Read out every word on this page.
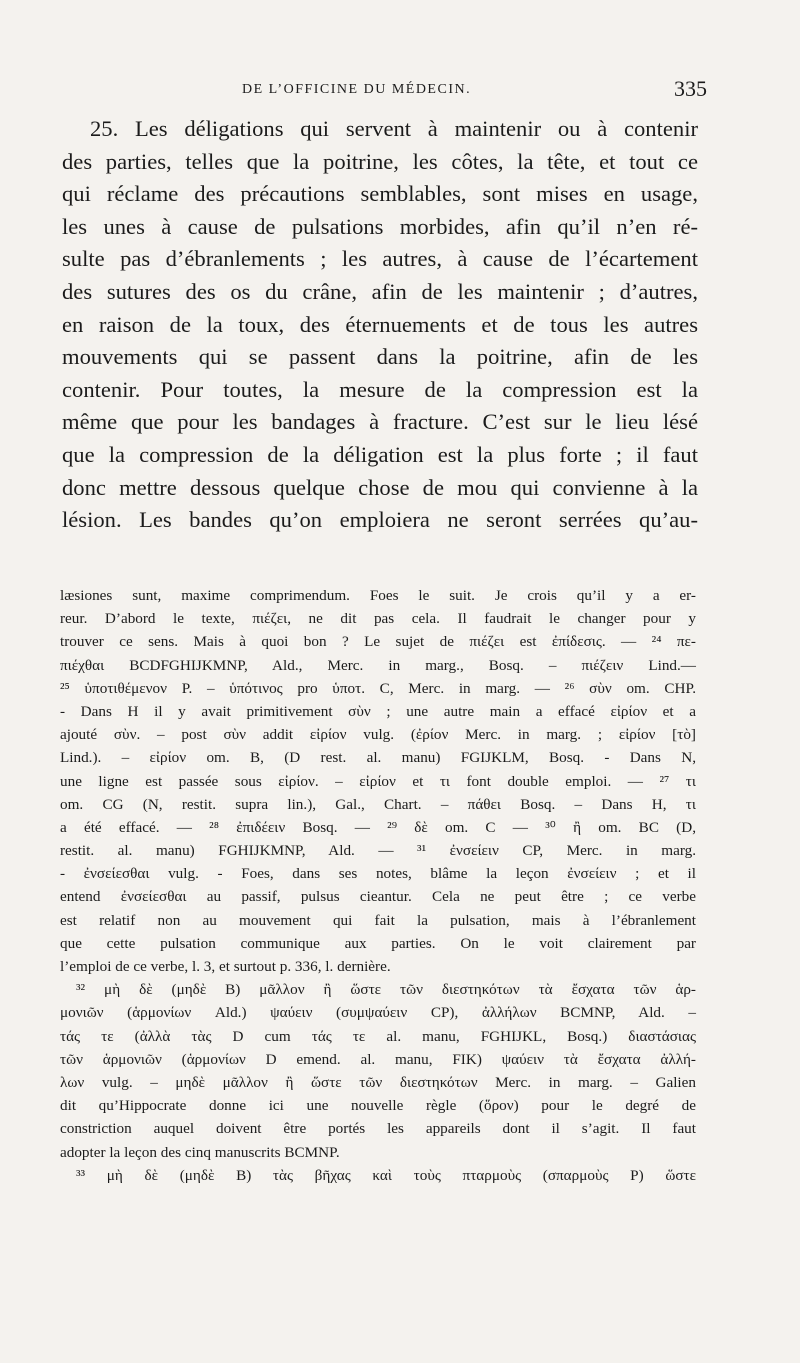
DE L’OFFICINE DU MÉDECIN.	335
25. Les déligations qui servent à maintenir ou à contenir
des parties, telles que la poitrine, les côtes, la tête, et tout ce
qui réclame des précautions semblables, sont mises en usage,
les unes à cause de pulsations morbides, afin qu’il n’en ré-
sulte pas d’ébranlements ; les autres, à cause de l’écartement
des sutures des os du crâne, afin de les maintenir ; d’autres,
en raison de la toux, des éternuements et de tous les autres
mouvements qui se passent dans la poitrine, afin de les
contenir. Pour toutes, la mesure de la compression est la
même que pour les bandages à fracture. C’est sur le lieu lésé
que la compression de la déligation est la plus forte ; il faut
donc mettre dessous quelque chose de mou qui convienne à la
lésion. Les bandes qu’on emploiera ne seront serrées qu’au-
læsiones sunt, maxime comprimendum. Foes le suit. Je crois qu’il y a er-
reur. D’abord le texte, πιέζει, ne dit pas cela. Il faudrait le changer pour y
trouver ce sens. Mais à quoi bon ? Le sujet de πιέζει est ἐπίδεσις. — ²⁴ πε-
πιέχθαι BCDFGHIJKMNP, Ald., Merc. in marg., Bosq. – πιέζειν Lind.—
²⁵ ὑποτιθέμενον P. – ὑπότινος pro ὑποτ. C, Merc. in marg. — ²⁶ σὺν om. CHP.
- Dans H il y avait primitivement σὺν ; une autre main a effacé εἰρίον et a
ajouté σὺν. – post σὺν addit εἰρίον vulg. (ἐρίον Merc. in marg. ; εἰρίον [τὸ]
Lind.). – εἰρίον om. B, (D rest. al. manu) FGIJKLM, Bosq. - Dans N,
une ligne est passée sous εἰρίον. – εἰρίον et τι font double emploi. — ²⁷ τι
om. CG (N, restit. supra lin.), Gal., Chart. – πάθει Bosq. – Dans H, τι
a été effacé. — ²⁸ ἐπιδέειν Bosq. — ²⁹ δὲ om. C — ³⁰ ἢ om. BC (D,
restit. al. manu) FGHIJKMNP, Ald. — ³¹ ἐνσείειν CP, Merc. in marg.
- ἐνσείεσθαι vulg. - Foes, dans ses notes, blâme la leçon ἐνσείειν ; et il
entend ἐνσείεσθαι au passif, pulsus cieantur. Cela ne peut être ; ce verbe
est relatif non au mouvement qui fait la pulsation, mais à l’ébranlement
que cette pulsation communique aux parties. On le voit clairement par
l’emploi de ce verbe, l. 3, et surtout p. 336, l. dernière.
³² μὴ δὲ (μηδὲ B) μᾶλλον ἢ ὥστε τῶν διεστηκότων τὰ ἔσχατα τῶν ἁρ-
μονιῶν (ἁρμονίων Ald.) ψαύειν (συμψαύειν CP), ἀλλήλων BCMNP, Ald. –
τάς τε (ἀλλὰ τὰς D cum τάς τε al. manu, FGHIJKL, Bosq.) διαστάσιας
τῶν ἁρμονιῶν (ἁρμονίων D emend. al. manu, FIK) ψαύειν τὰ ἔσχατα ἀλλή-
λων vulg. – μηδὲ μᾶλλον ἢ ὥστε τῶν διεστηκότων Merc. in marg. – Galien
dit qu’Hippocrate donne ici une nouvelle règle (ὅρον) pour le degré de
constriction auquel doivent être portés les appareils dont il s’agit. Il faut
adopter la leçon des cinq manuscrits BCMNP.
³³ μὴ δὲ (μηδὲ B) τὰς βῆχας καὶ τοὺς πταρμοὺς (σπαρμοὺς P) ὥστε
